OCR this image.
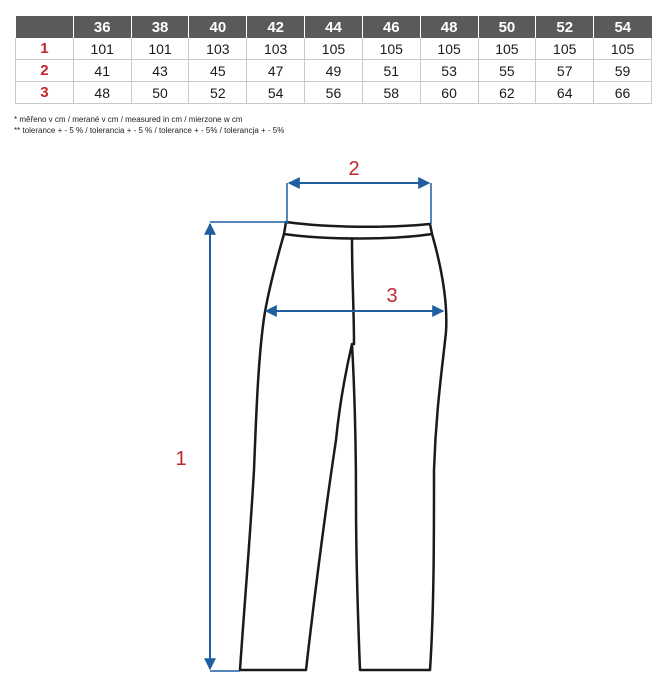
	36	38	40	42	44	46	48	50	52	54
1	101	101	103	103	105	105	105	105	105	105
2	41	43	45	47	49	51	53	55	57	59
3	48	50	52	54	56	58	60	62	64	66
* měřeno v cm / merané v cm / measured in cm / mierzone w cm
** tolerance + - 5 % / tolerancia + - 5 % / tolerance + - 5% / tolerancja + - 5%
2
3
1
